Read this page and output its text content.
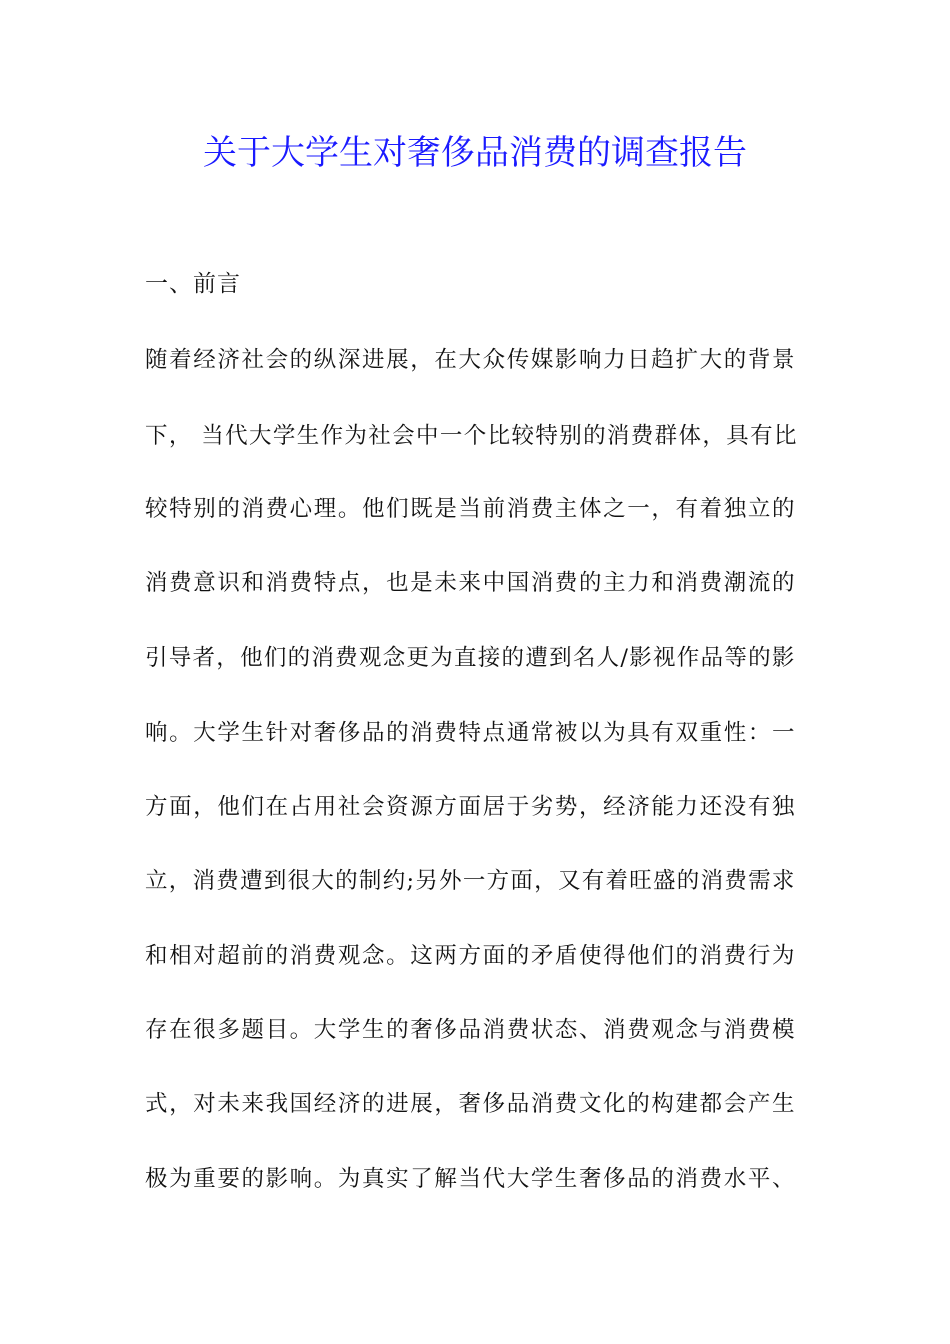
关于大学生对奢侈品消费的调查报告
一、前言
随着经济社会的纵深进展，在大众传媒影响力日趋扩大的背景
下， 当代大学生作为社会中一个比较特别的消费群体，具有比
较特别的消费心理。他们既是当前消费主体之一，有着独立的
消费意识和消费特点，也是未来中国消费的主力和消费潮流的
引导者，他们的消费观念更为直接的遭到名人/影视作品等的影
响。大学生针对奢侈品的消费特点通常被以为具有双重性：一
方面，他们在占用社会资源方面居于劣势，经济能力还没有独
立，消费遭到很大的制约;另外一方面，又有着旺盛的消费需求
和相对超前的消费观念。这两方面的矛盾使得他们的消费行为
存在很多题目。大学生的奢侈品消费状态、消费观念与消费模
式，对未来我国经济的进展，奢侈品消费文化的构建都会产生
极为重要的影响。为真实了解当代大学生奢侈品的消费水平、
